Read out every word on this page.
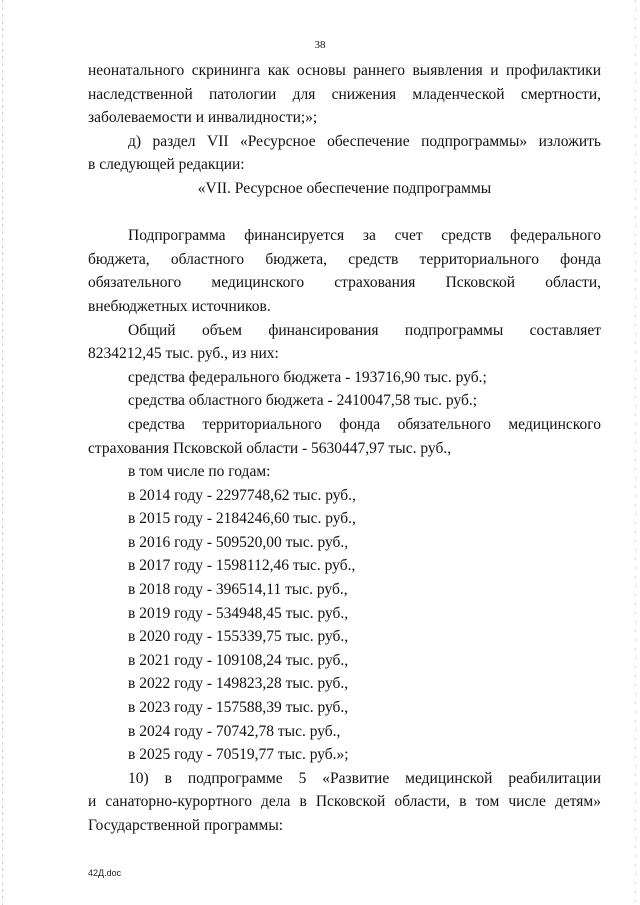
38

неонатального скрининга как основы раннего выявления и профилактики

наследственной патологии для снижения младенческой смертности,

заболеваемости и инвалидности;»;

д) раздел VII «Ресурсное обеспечение подпрограммы» изложить

в следующей редакции:

«VII. Ресурсное обеспечение подпрограммы

Подпрограмма финансируется за счет средств федерального

бюджета, областного бюджета, средств территориального фонда

обязательного медицинского страхования Псковской области,

внебюджетных источников.

Общий объем финансирования подпрограммы составляет

8234212,45 тыс. руб., из них:

средства федерального бюджета - 193716,90 тыс. руб.;

средства областного бюджета - 2410047,58 тыс. руб.;

средства территориального фонда обязательного медицинского

страхования Псковской области - 5630447,97 тыс. руб.,

в том числе по годам:

в 2014 году - 2297748,62 тыс. руб.,
в 2015 году - 2184246,60 тыс. руб.,
в 2016 году - 509520,00 тыс. руб.,
в 2017 году - 1598112,46 тыс. руб.,
в 2018 году - 396514,11 тыс. руб.,
в 2019 году - 534948,45 тыс. руб.,
в 2020 году - 155339,75 тыс. руб.,
в 2021 году - 109108,24 тыс. руб.,
в 2022 году - 149823,28 тыс. руб.,
в 2023 году - 157588,39 тыс. руб.,
в 2024 году - 70742,78 тыс. руб.,
в 2025 году - 70519,77 тыс. руб.»;

10) в подпрограмме 5 «Развитие медицинской реабилитации

и санаторно-курортного дела в Псковской области, в том числе детям»

Государственной программы:

42Д.doc
